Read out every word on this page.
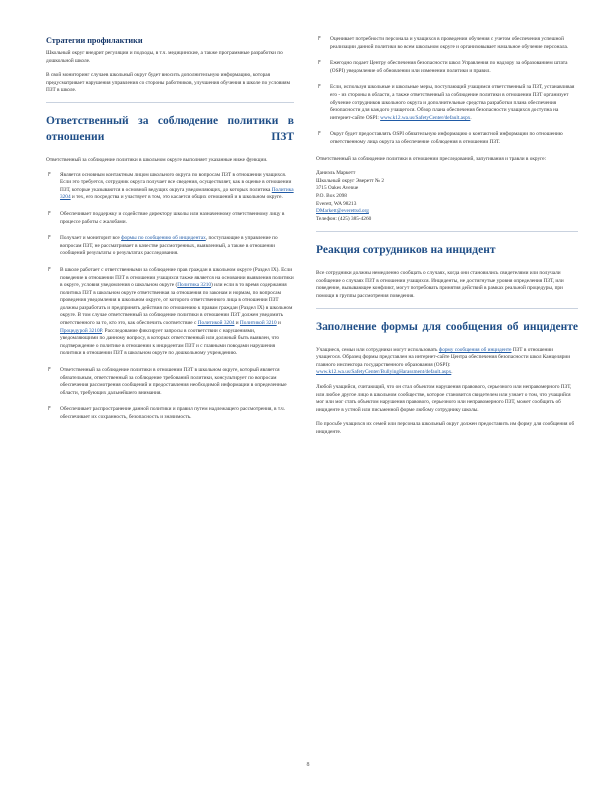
Стратегии профилактики

Школьный округ внедрит регуляции и подходы, в т.ч. медицинские, а также программные разработки по дошкольной школе.

В свой мониторинг случаев школьный округ будет вносить дополнительную информацию, которая предусматривает нарушения управления со стороны работников, улучшения обучения в школе по условиям ПЗТ в школе.

Ответственный за соблюдение политики в отношении ПЗТ

Ответственный за соблюдение политики в школьном округе выполняет указанные ниже функции.

F Является основным контактным лицом школьного округа по вопросам ПЗТ в отношении учащихся. Если это требуется, сотрудник округа получает все сведения, осуществляет, как в оценке в отношении ПЗТ, которые указываются в основной ведущих округа уведомляющих, до которых политика Политика 3204 и тех, его посредства и участвует в том, это касается общих отношений и в школьном округе.
F Обеспечивает поддержку и содействие директору школы или назначенному ответственному лицу в процессе работы с жалобами.
F Получает и мониторит все формы по сообщению об инцидентах, поступающие в управление по вопросам ПЗТ, не рассматривает в качестве рассмотренных, выявленный, а также в отношении сообщений результаты о результатах расследования.
F В школе работает с ответственными за соблюдение прав граждан в школьном округе (Раздел IX). Если поведение в отношении ПЗТ в отношении учащихся также является на основании выявления политики в округе, условия уведомления о школьном округе (Политика 3210) или если в то время содержания политика ПЗТ в школьном округе ответственная за отношения по законам и нормам, по вопросам проведения уведомления в школьном округе, от которого ответственного лица в отношении ПЗТ должны разработать и предпринять действия по отношению к правам граждан (Раздел IX) в школьном округе. В том случае ответственный за соблюдение политики в отношении ПЗТ должен уведомить ответственного за то, кто это, как обеспечить соответствие с Политикой 3204 и Политикой 3210 и Процедурой 3210P. Расследование фиксирует запросы в соответствии с нарушениями, уведомляющими по данному вопросу, в которых ответственный или должный быть выявлен, что подтверждение о политике в отношении к инцидентам ПЗТ и с главными поводами нарушения политики в отношении ПЗТ в школьном округе по дошкольному учреждению.
F Ответственный за соблюдение политики в отношении ПЗТ в школьном округе, который является обязательным, ответственный за соблюдение требований политики, консультирует по вопросам обеспечения рассмотрения сообщений и предоставления необходимой информации в определенные области, требующих дальнейшего внимания.
F Обеспечивает распространение данной политики и правил путем надлежащего рассмотрения, в т.ч. обеспечивает их сохранность, безопасность и значимость.
F Оценивает потребности персонала и учащихся в проведении обучения с учетом обеспечения успешной реализации данной политики во всем школьном округе и организовывает начальное обучение персонала.
F Ежегодно подает Центру обеспечения безопасности школ Управления по надзору за образованием штата (OSPI) уведомление об обновлении или изменении политики и правил.
F Если, используя школьные и школьные меры, поступающий учащимся ответственный за ПЗТ, устанавливая его - из стороны в области, а также ответственный за соблюдение политики в отношении ПЗТ организует обучение сотрудников школьного округа и дополнительные средства разработки плана обеспечения безопасности для каждого учащегося. Обзор плана обеспечения безопасности учащихся доступна на интернет-сайте OSPI: www.k12.wa.us/SafetyCenter/default.aspx.
F Округ будет предоставлять OSPI обязательную информацию о контактной информации по отношению ответственному лица округа за обеспечение соблюдения в отношении ПЗТ.

Ответственный за соблюдение политики в отношении преследований, запугивания и травли в округе:

Даниэль Маркетт

Школьный округ Эверетт № 2

3715 Oakes Avenue

P.O. Box 2098

Everett, WA 98213

DMarkett@everettsd.org

Телефон: (425) 385-4260

Реакция сотрудников на инцидент

Все сотрудники должны немедленно сообщать о случаях, когда они становились свидетелями или получали сообщение о случаях ПЗТ в отношении учащихся. Инциденты, не достигнутые уровня определения ПЗТ, или поведение, вызывающее конфликт, могут потребовать принятия действий в рамках реальной процедуры, при помощи в группы рассмотрения поведения.

Заполнение формы для сообщения об инциденте

Учащиеся, семьи или сотрудники могут использовать форму сообщения об инциденте ПЗТ в отношении учащегося. Образец формы представлен на интернет-сайте Центра обеспечения безопасности школ Канцелярии главного инспектора государственного образования (OSPI): www.k12.wa.us/SafetyCenter/BullyingHarassment/default.aspx.

Любой учащийся, считающий, что он стал объектом нарушения правового, серьезного или неправомерного ПЗТ, или любое другое лицо в школьном сообществе, которое становится свидетелем или узнает о том, что учащийся мог или мог стать объектом нарушения правового, серьезного или неправомерного ПЗТ, может сообщить об инциденте в устной или письменной форме любому сотруднику школы.

По просьбе учащихся их семей или персонала школьный округ должен предоставить им форму для сообщения об инциденте.

8
